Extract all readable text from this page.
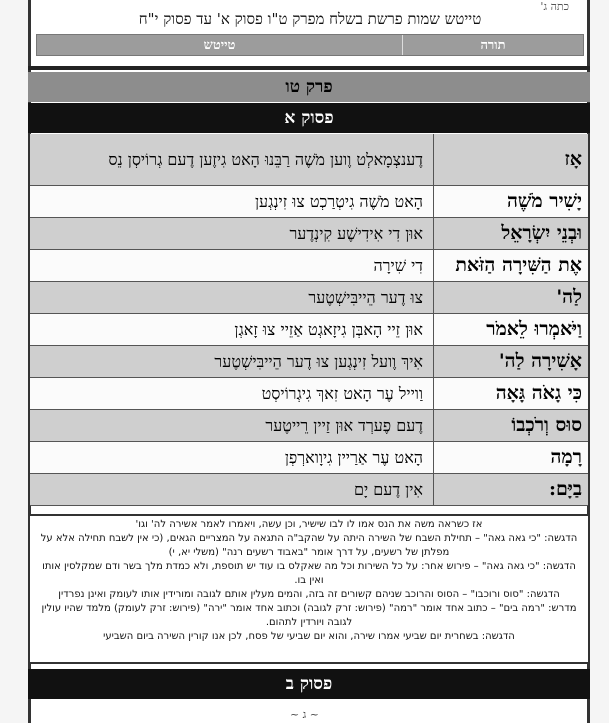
כתה ג'
טייטש שמות פרשת בשלח מפרק ט"ו פסוק א' עד פסוק י"ח
תורה
טייטש
פרק טו
פסוק א
אָז
דֶענצְמָאלְט וֶוען מֹשֶׁה רַבֵּנוּ הָאט גִיזֶען דֶעם גְרוֹיסְן נֵס
יָשִׁיר מֹשֶׁה
הָאט מֹשֶׁה גִיטְרַכְט צוּ זִינְגְען
וּבְנֵי יִשְׂרָאֵל
אוּן דִי אִידִישֶׁע קִינְדֶער
אֶת הַשִּׁירָה הַזֹּאת
דִי שִׁירָה
לַה'
צוּ דֶער הֵייבִּישְׁטֶער
וַיֹּאמְרוּ לֵאמֹר
אוּן זֵיי הָאבְּן גִיזָאגְט אַזֵיי צוּ זָאגְן
אָשִׁירָה לַה'
אִיךְ וֶועל זִינְגְען צוּ דֶער הֵייבִּישְׁטֶער
כִּי גָאֹה גָּאָה
וַוייל עֶר הָאט זִאךְ גִיגְרוֹיסְט
סוּס וְרֹכְבוֹ
דֶעם פֶערְד אוּן זַיין רֵייטֶער
רָמָה
הָאט עֶר אַרַיין גִיוָוארְפְן
בַיָּם:
אִין דֶעם יָם

אז כשראה משה את הנס אמו לו לבו שישיר, וכן עשה, ויאמרו לאמר אשירה לה' וגו'

הדגשה: "כי גאה גאה" – תחילת השבח של השירה היתה על שהקב"ה התגאה על המצריים הגאים, (כי אין לשבח תחילה אלא על מפלתן של רשעים, על דרך אומר "באבוד רשעים רנה" (משלי יא, י)

הדגשה: "כי גאה גאה" – פירוש אחר: על כל השירות וכל מה שאקלס בו עוד יש תוספת, ולא כמדת מלך בשר ודם שמקלסין אותו ואין בו.

הדגשה: "סוס ורוכבו" – הסוס והרוכב שניהם קשורים זה בזה, והמים מעלין אותם לגובה ומורידין אותו לעומק ואינן נפרדין

מדרש: "רמה בים" – כתוב אחד אומר "רמה" (פירוש: זרק לגובה) וכתוב אחד אומר "ירה" (פירוש: זרק לעומק) מלמד שהיו עולין לגובה ויורדין לתהום.

הדגשה: בשחרית יום שביעי אמרו שירה, והוא יום שביעי של פסח, לכן אנו קורין השירה ביום השביעי

פסוק ב
~ ג ~
